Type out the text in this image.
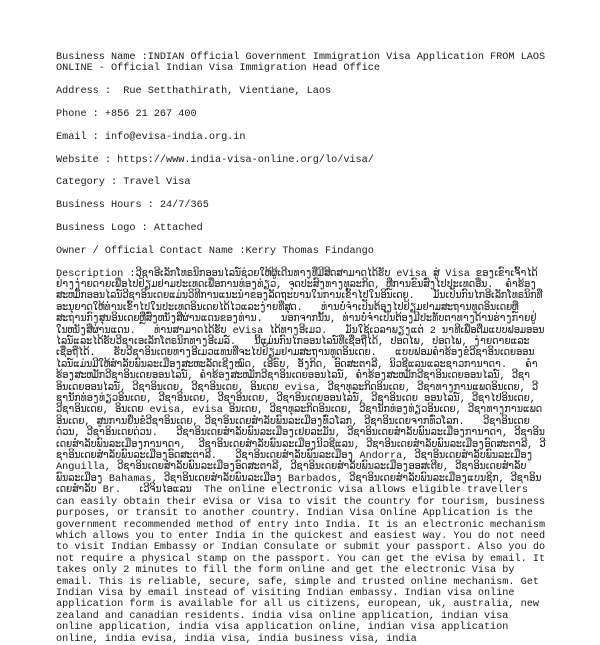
Business Name :INDIAN Official Government Immigration Visa Application FROM LAOS ONLINE - Official Indian Visa Immigration Head Office

Address :  Rue Setthathirath, Vientiane, Laos

Phone : +856 21 267 400

Email : info@evisa-india.org.in

Website : https://www.india-visa-online.org/lo/visa/

Category : Travel Visa

Business Hours : 24/7/365

Business Logo : Attached

Owner / Official Contact Name :Kerry Thomas Findango

Description :ວີຊາອີເລັກໂທຣນິກອອນໄລນ໌ຊ່ວຍໃຫ້ຜູ້ເດີນທາງທີ່ມີສິດສາມາດໄດ້ຮັບ eVisa ສູ່ Visa ຂອງເຂົາເຈົ້າໄດ້ຢ່າງງ່າຍດາຍເພື່ອໄປຢ້ຽມຢາມປະເທດເພື່ອການທ່ອງທ່ຽວ, ຈຸດປະສົງທາງທຸລະກິດ, ຫຼືການຂົນສົ່ງໄປປະເທດອື່ນ.  ຄໍາຮ້ອງສະຫມັກອອນໄລນ໌ວີຊາອິນເດຍແມ່ນວິທີການແນະນໍາຂອງລັດຖະບານໃນການເຂົ້າໄປໃນອິນເດຍ.   ມັນເປັນກົນໄກອີເລັກໂທຣນິກທີ່ອະນຸຍາດໃຫ້ທ່ານເຂົ້າໄປໃນປະເທດອິນເດຍໄດ້ໄວແລະງ່າຍທີ່ສຸດ.   ທ່ານບໍ່ຈໍາເປັນຕ້ອງໄປຢ້ຽມຢາມສະຖານທູດອິນເດຍຫຼືສະຖານກົງສຸນອິນເດຍຫຼືສົ່ງຫນັງສືຜ່ານແດນຂອງທ່ານ.   ນອກຈາກນັ້ນ, ທ່ານບໍ່ຈໍາເປັນຕ້ອງມີປະທັບຕາທາງດ້ານຮ່າງກາຍຢູ່ໃນຫນັງສືຜ່ານແດນ.   ທ່ານສາມາດໄດ້ຮັບ eVisa ໄດ້ທາງອີເມວ.   ມັນໃຊ້ເວລາພຽງແຕ່ 2 ນາທີເພື່ອຕື່ມແບບຟອມອອນໄລນ໌ແລະໄດ້ຮັບວີຊາເອເລັກໂຕຣນິກທາງອີເມລ໌.   ນີ້ແມ່ນກົນໄກອອນໄລນ໌ທີ່ເຊື່ອຖືໄດ້, ປອດໄພ, ປອດໄພ, ງ່າຍດາຍແລະເຊື່ອຖືໄດ້.   ຮັບວີຊາອິນເດຍທາງອີເມວແທນທີ່ຈະໄປຢ້ຽມຢາມສະຖານທູດອິນເດຍ.   ແບບຟອມຄໍາຮ້ອງຂໍວີຊາອິນເດຍອອນໄລນ໌ແມ່ນມີໃຫ້ສໍາລັບພົນລະເມືອງສະຫະລັດເຊີງໝົດ, ເອີຣົບ, ອັງກິດ, ອົດສະຕາລີ, ນິວຊີແລນແລະຊາວການາດາ.   ຄໍາຮ້ອງສະຫມັກວີຊາອິນເດຍອອນໄລນ໌, ຄໍາຮ້ອງສະຫມັກວີຊາອິນເດຍອອນໄລນ໌, ຄໍາຮ້ອງສະຫມັກວີຊາອິນເດຍອອນໄລນ໌, ວີຊາອິນເດຍອອນໄລນ໌, ວີຊາອິນເດຍ, ວີຊາອິນເດຍ, ອິນເດຍ evisa, ວີຊາທຸລະກິດອິນເດຍ, ວີຊາທາງການແພດອິນເດຍ, ວີຊານັກທ່ອງທ່ຽວອິນເດຍ, ວີຊາອິນເດຍ, ວີຊາອິນເດຍ, ວີຊາອິນເດຍອອນໄລນ໌, ວີຊາອິນເດຍ ອອນໄລນ໌, ວີຊາໄປອິນເດຍ, ວີຊາອິນເດຍ, ອິນເດຍ evisa, evisa ອິນເດຍ, ວີຊາທຸລະກິດອິນເດຍ, ວີຊານັກທ່ອງທ່ຽວອິນເດຍ, ວີຊາທາງການແພດອິນເດຍ, ສູນການຍື່ນຂໍວີຊາອິນເດຍ, ວີຊາອິນເດຍສໍາລັບພົນລະເມືອງທົ່ວໂລກ, ວີຊາອິນເດຍຈາກທົ່ວໂລກ.   ວີຊາອິນເດຍດ່ວນ, ວີຊາອິນເດຍດ່ວນ.   ວີຊາອິນເດຍສໍາລັບພົນລະເມືອງເຢຍລະມັນ, ວີຊາອິນເດຍສໍາລັບພົນລະເມືອງການາດາ, ວີຊາອິນເດຍສໍາລັບພົນລະເມືອງການາດາ,  ວີຊາອິນເດຍສໍາລັບພົນລະເມືອງນິວຊີແລນ, ວີຊາອິນເດຍສໍາລັບພົນລະເມືອງອົດສະຕາລີ, ວີຊາອິນເດຍສໍາລັບພົນລະເມືອງອົດສະຕາລີ.   ວີຊາອິນເດຍສໍາລັບພົນລະເມືອງ Andorra, ວີຊາອິນເດຍສໍາລັບພົນລະເມືອງ Anguilla, ວີຊາອິນເດຍສໍາລັບພົນລະເມືອງອົດສະຕາລີ, ວີຊາອິນເດຍສໍາລັບພົນລະເມືອງອອສເຕີຍ, ວີຊາອິນເດຍສໍາລັບພົນລະເມືອງ Bahamas, ວີຊາອິນເດຍສໍາລັບພົນລະເມືອງ Barbados, ວີຊາອິນເດຍສໍາລັບພົນລະເມືອງແບນຊິກ, ວີຊາອິນເດຍສໍາລັບ Br.   ເວີຈິນໄອແລນ  The online electronic visa allows eligible travellers can easily obtain their eVisa or Visa to visit the country for tourism, business purposes, or transit to another country. Indian Visa Online Application is the government recommended method of entry into India. It is an electronic mechanism which allows you to enter India in the quickest and easiest way. You do not need to visit Indian Embassy or Indian Consulate or submit your passport. Also you do not require a physical stamp on the passport. You can get the eVisa by email. It takes only 2 minutes to fill the form online and get the electronic Visa by email. This is reliable, secure, safe, simple and trusted online mechanism. Get Indian Visa by email instead of visiting Indian embassy. Indian visa online application form is available for all us citizens, european, uk, australia, new zealand and canadian residents. india visa online application, indian visa online application, india visa application online, indian visa application online, india evisa, india visa, india business visa, india
